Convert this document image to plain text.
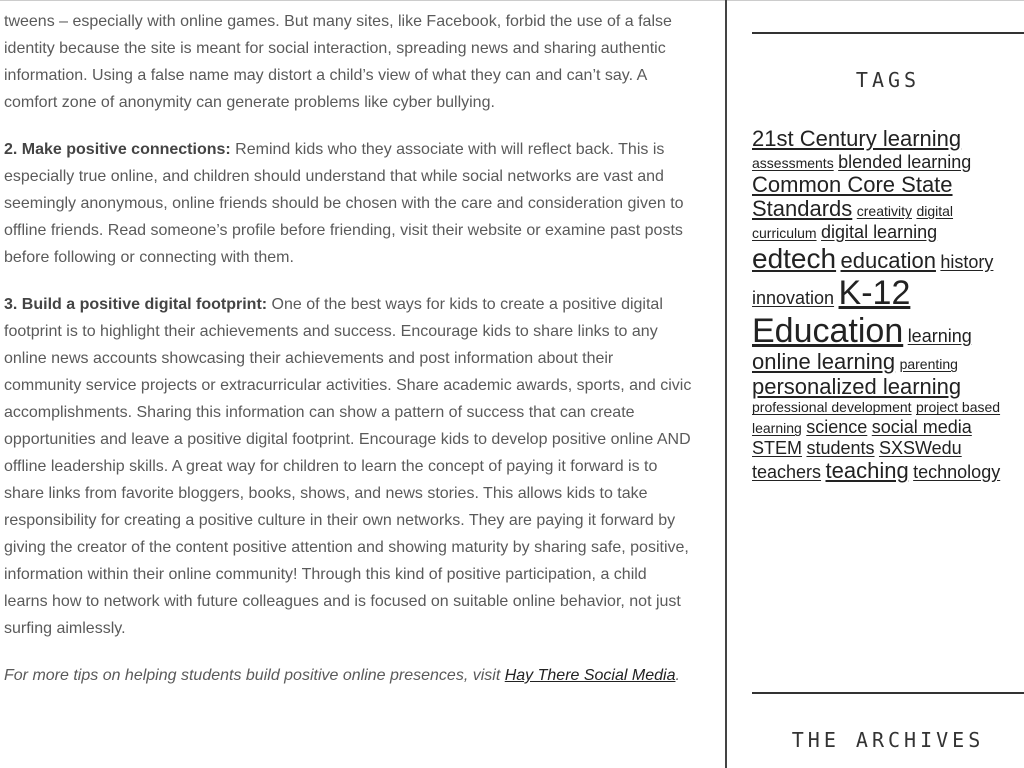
tweens – especially with online games. But many sites, like Facebook, forbid the use of a false identity because the site is meant for social interaction, spreading news and sharing authentic information. Using a false name may distort a child’s view of what they can and can’t say. A comfort zone of anonymity can generate problems like cyber bullying.

2. Make positive connections: Remind kids who they associate with will reflect back. This is especially true online, and children should understand that while social networks are vast and seemingly anonymous, online friends should be chosen with the care and consideration given to offline friends. Read someone’s profile before friending, visit their website or examine past posts before following or connecting with them.

3. Build a positive digital footprint: One of the best ways for kids to create a positive digital footprint is to highlight their achievements and success. Encourage kids to share links to any online news accounts showcasing their achievements and post information about their community service projects or extracurricular activities. Share academic awards, sports, and civic accomplishments. Sharing this information can show a pattern of success that can create opportunities and leave a positive digital footprint. Encourage kids to develop positive online AND offline leadership skills. A great way for children to learn the concept of paying it forward is to share links from favorite bloggers, books, shows, and news stories. This allows kids to take responsibility for creating a positive culture in their own networks. They are paying it forward by giving the creator of the content positive attention and showing maturity by sharing safe, positive, information within their online community! Through this kind of positive participation, a child learns how to network with future colleagues and is focused on suitable online behavior, not just surfing aimlessly.

For more tips on helping students build positive online presences, visit Hay There Social Media.

TAGS
21st Century learning assessments blended learning Common Core State Standards creativity digital curriculum digital learning edtech education history innovation K-12 Education learning online learning parenting personalized learning professional development project based learning science social media STEM students SXSWedu teachers teaching technology
THE ARCHIVES
